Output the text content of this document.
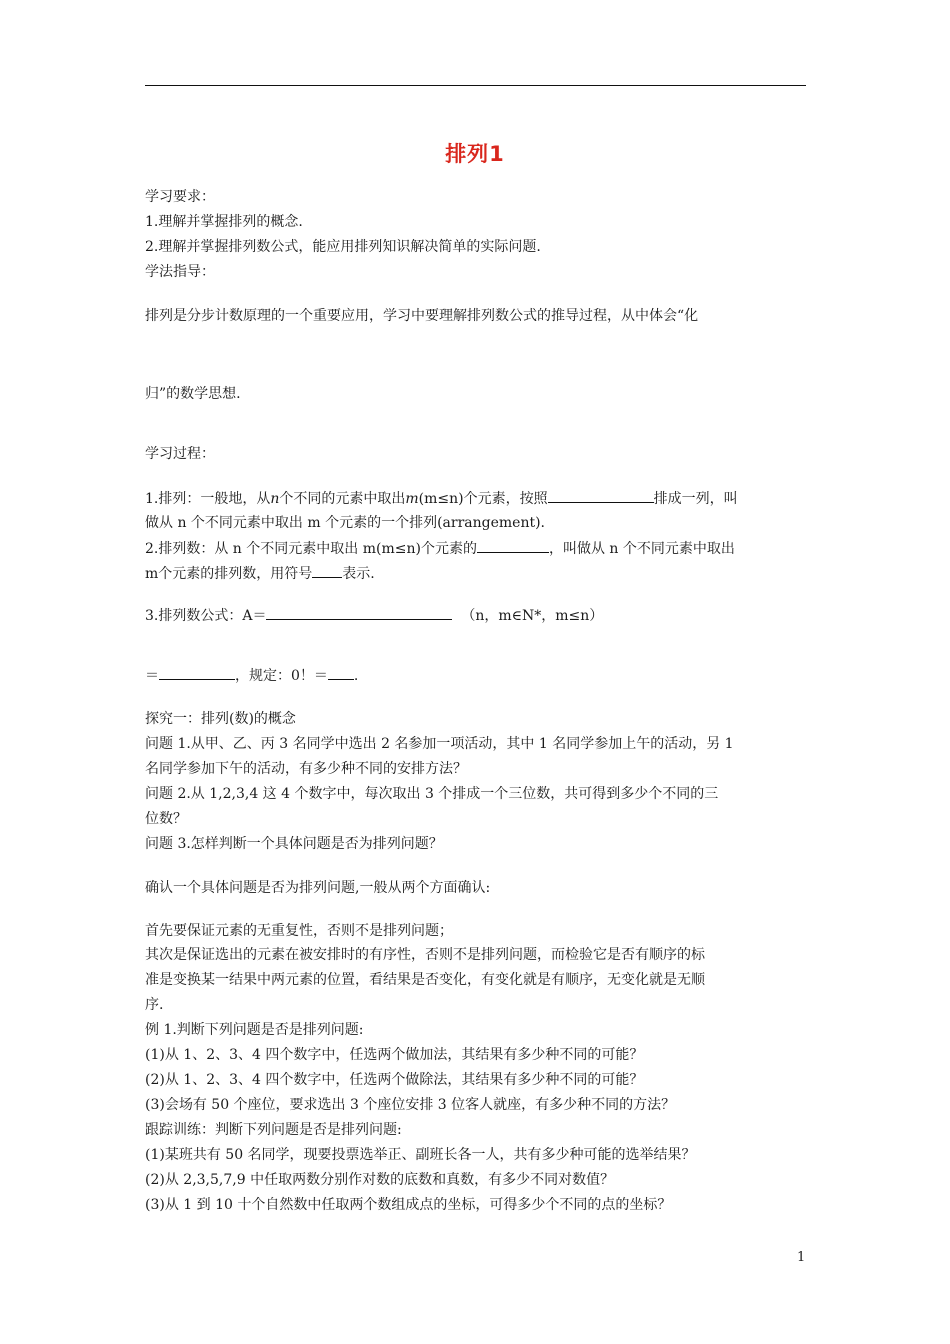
排列1
学习要求：
1.理解并掌握排列的概念.
2.理解并掌握排列数公式，能应用排列知识解决简单的实际问题.
学法指导：
排列是分步计数原理的一个重要应用，学习中要理解排列数公式的推导过程，从中体会“化
归”的数学思想.
学习过程：
1.排列：一般地，从n个不同的元素中取出m(m≤n)个元素，按照	排成一列，叫
做从 n 个不同元素中取出 m 个元素的一个排列(arrangement).
2.排列数：从 n 个不同元素中取出 m(m≤n)个元素的	，叫做从 n 个不同元素中取出
m个元素的排列数，用符号 表示.
3.排列数公式：A＝	（n，m∈N*，m≤n）
＝	，规定：0！＝ .
探究一：排列(数)的概念
问题 1.从甲、乙、丙 3 名同学中选出 2 名参加一项活动，其中 1 名同学参加上午的活动，另 1
名同学参加下午的活动，有多少种不同的安排方法？
问题 2.从 1,2,3,4 这 4 个数字中，每次取出 3 个排成一个三位数，共可得到多少个不同的三
位数？
问题 3.怎样判断一个具体问题是否为排列问题？
确认一个具体问题是否为排列问题,一般从两个方面确认:
首先要保证元素的无重复性，否则不是排列问题；
其次是保证选出的元素在被安排时的有序性，否则不是排列问题，而检验它是否有顺序的标
准是变换某一结果中两元素的位置，看结果是否变化，有变化就是有顺序，无变化就是无顺
序.
例 1.判断下列问题是否是排列问题:
(1)从 1、2、3、4 四个数字中，任选两个做加法，其结果有多少种不同的可能？
(2)从 1、2、3、4 四个数字中，任选两个做除法，其结果有多少种不同的可能？
(3)会场有 50 个座位，要求选出 3 个座位安排 3 位客人就座，有多少种不同的方法？
跟踪训练：判断下列问题是否是排列问题:
(1)某班共有 50 名同学，现要投票选举正、副班长各一人，共有多少种可能的选举结果？
(2)从 2,3,5,7,9 中任取两数分别作对数的底数和真数，有多少不同对数值？
(3)从 1 到 10 十个自然数中任取两个数组成点的坐标，可得多少个不同的点的坐标？
1
